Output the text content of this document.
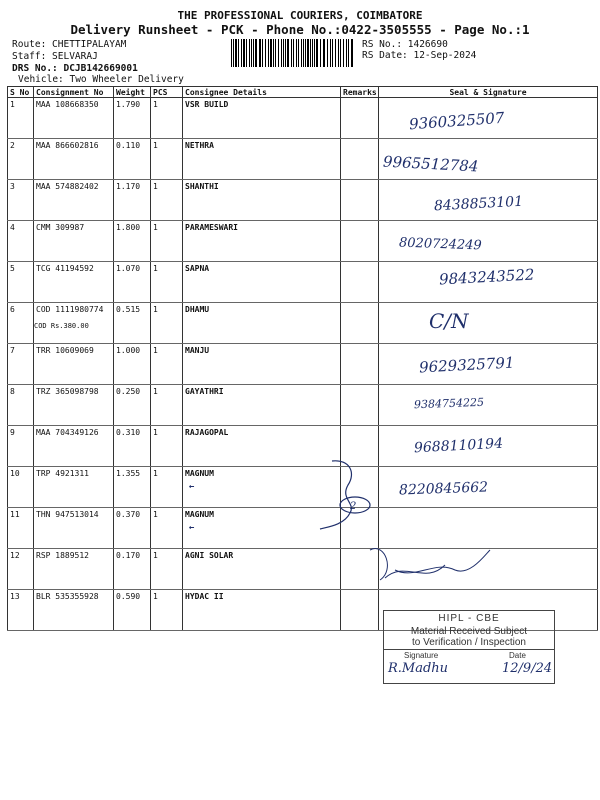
THE PROFESSIONAL COURIERS, COIMBATORE
Delivery Runsheet - PCK - Phone No.:0422-3505555 - Page No.:1
Route: CHETTIPALAYAM
Staff: SELVARAJ
DRS No.: DCJB142669001
Vehicle: Two Wheeler Delivery
RS No.: 1426690
RS Date: 12-Sep-2024
S No	Consignment No	Weight	PCS	Consignee Details	Remarks	Seal & Signature
1	MAA 108668350	1.790	1	VSR BUILD		9360325507

2	MAA 866602816	0.110	1	NETHRA		9965512784

3	MAA 574882402	1.170	1	SHANTHI		8438853101

4	CMM 309987	1.800	1	PARAMESWARI		8020724249

5	TCG 41194592	1.070	1	SAPNA		9843243522

6	COD 1111980774
COD Rs.380.00	0.515	1	DHAMU		C/N

7	TRR 10609069	1.000	1	MANJU		9629325791

8	TRZ 365098798	0.250	1	GAYATHRI		9384754225

9	MAA 704349126	0.310	1	RAJAGOPAL		9688110194

10	TRP 4921311	1.355	1	MAGNUM
←		8220845662

11	THN 947513014	0.370	1	MAGNUM
←		

12	RSP 1889512	0.170	1	AGNI SOLAR		
13	BLR 535355928	0.590	1	HYDAC II		
2
HIPL - CBE
Material Received Subject
to Verification / Inspection
Signature	Date
R.Madhu	12/9/24
